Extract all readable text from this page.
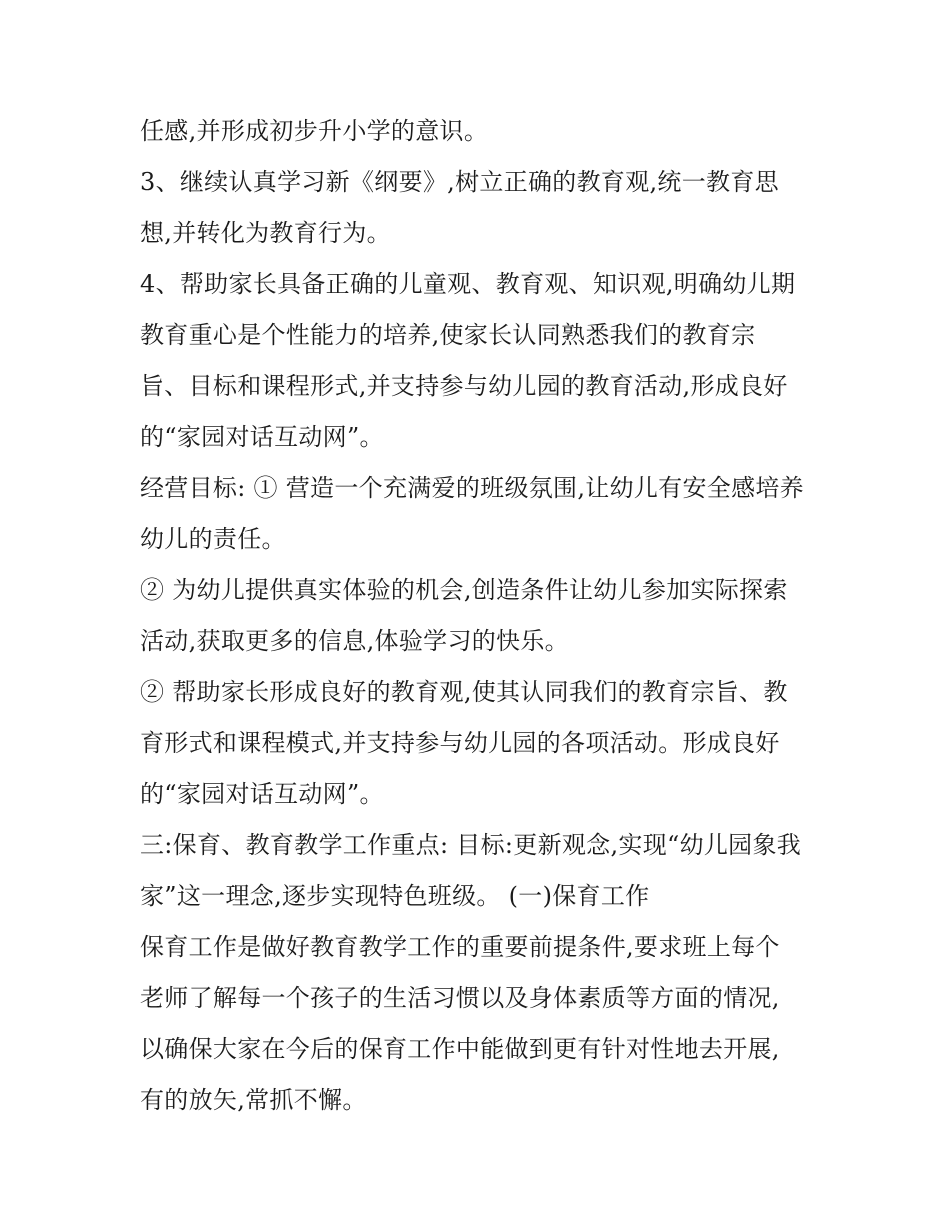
任感,并形成初步升小学的意识。
3、继续认真学习新《纲要》,树立正确的教育观,统一教育思
想,并转化为教育行为。
4、帮助家长具备正确的儿童观、教育观、知识观,明确幼儿期
教育重心是个性能力的培养,使家长认同熟悉我们的教育宗
旨、目标和课程形式,并支持参与幼儿园的教育活动,形成良好
的“家园对话互动网”。
经营目标: ① 营造一个充满爱的班级氛围,让幼儿有安全感培养
幼儿的责任。
② 为幼儿提供真实体验的机会,创造条件让幼儿参加实际探索
活动,获取更多的信息,体验学习的快乐。
② 帮助家长形成良好的教育观,使其认同我们的教育宗旨、教
育形式和课程模式,并支持参与幼儿园的各项活动。形成良好
的“家园对话互动网”。
三:保育、教育教学工作重点: 目标:更新观念,实现“幼儿园象我
家”这一理念,逐步实现特色班级。 (一)保育工作
保育工作是做好教育教学工作的重要前提条件,要求班上每个
老师了解每一个孩子的生活习惯以及身体素质等方面的情况,
以确保大家在今后的保育工作中能做到更有针对性地去开展,
有的放矢,常抓不懈。
